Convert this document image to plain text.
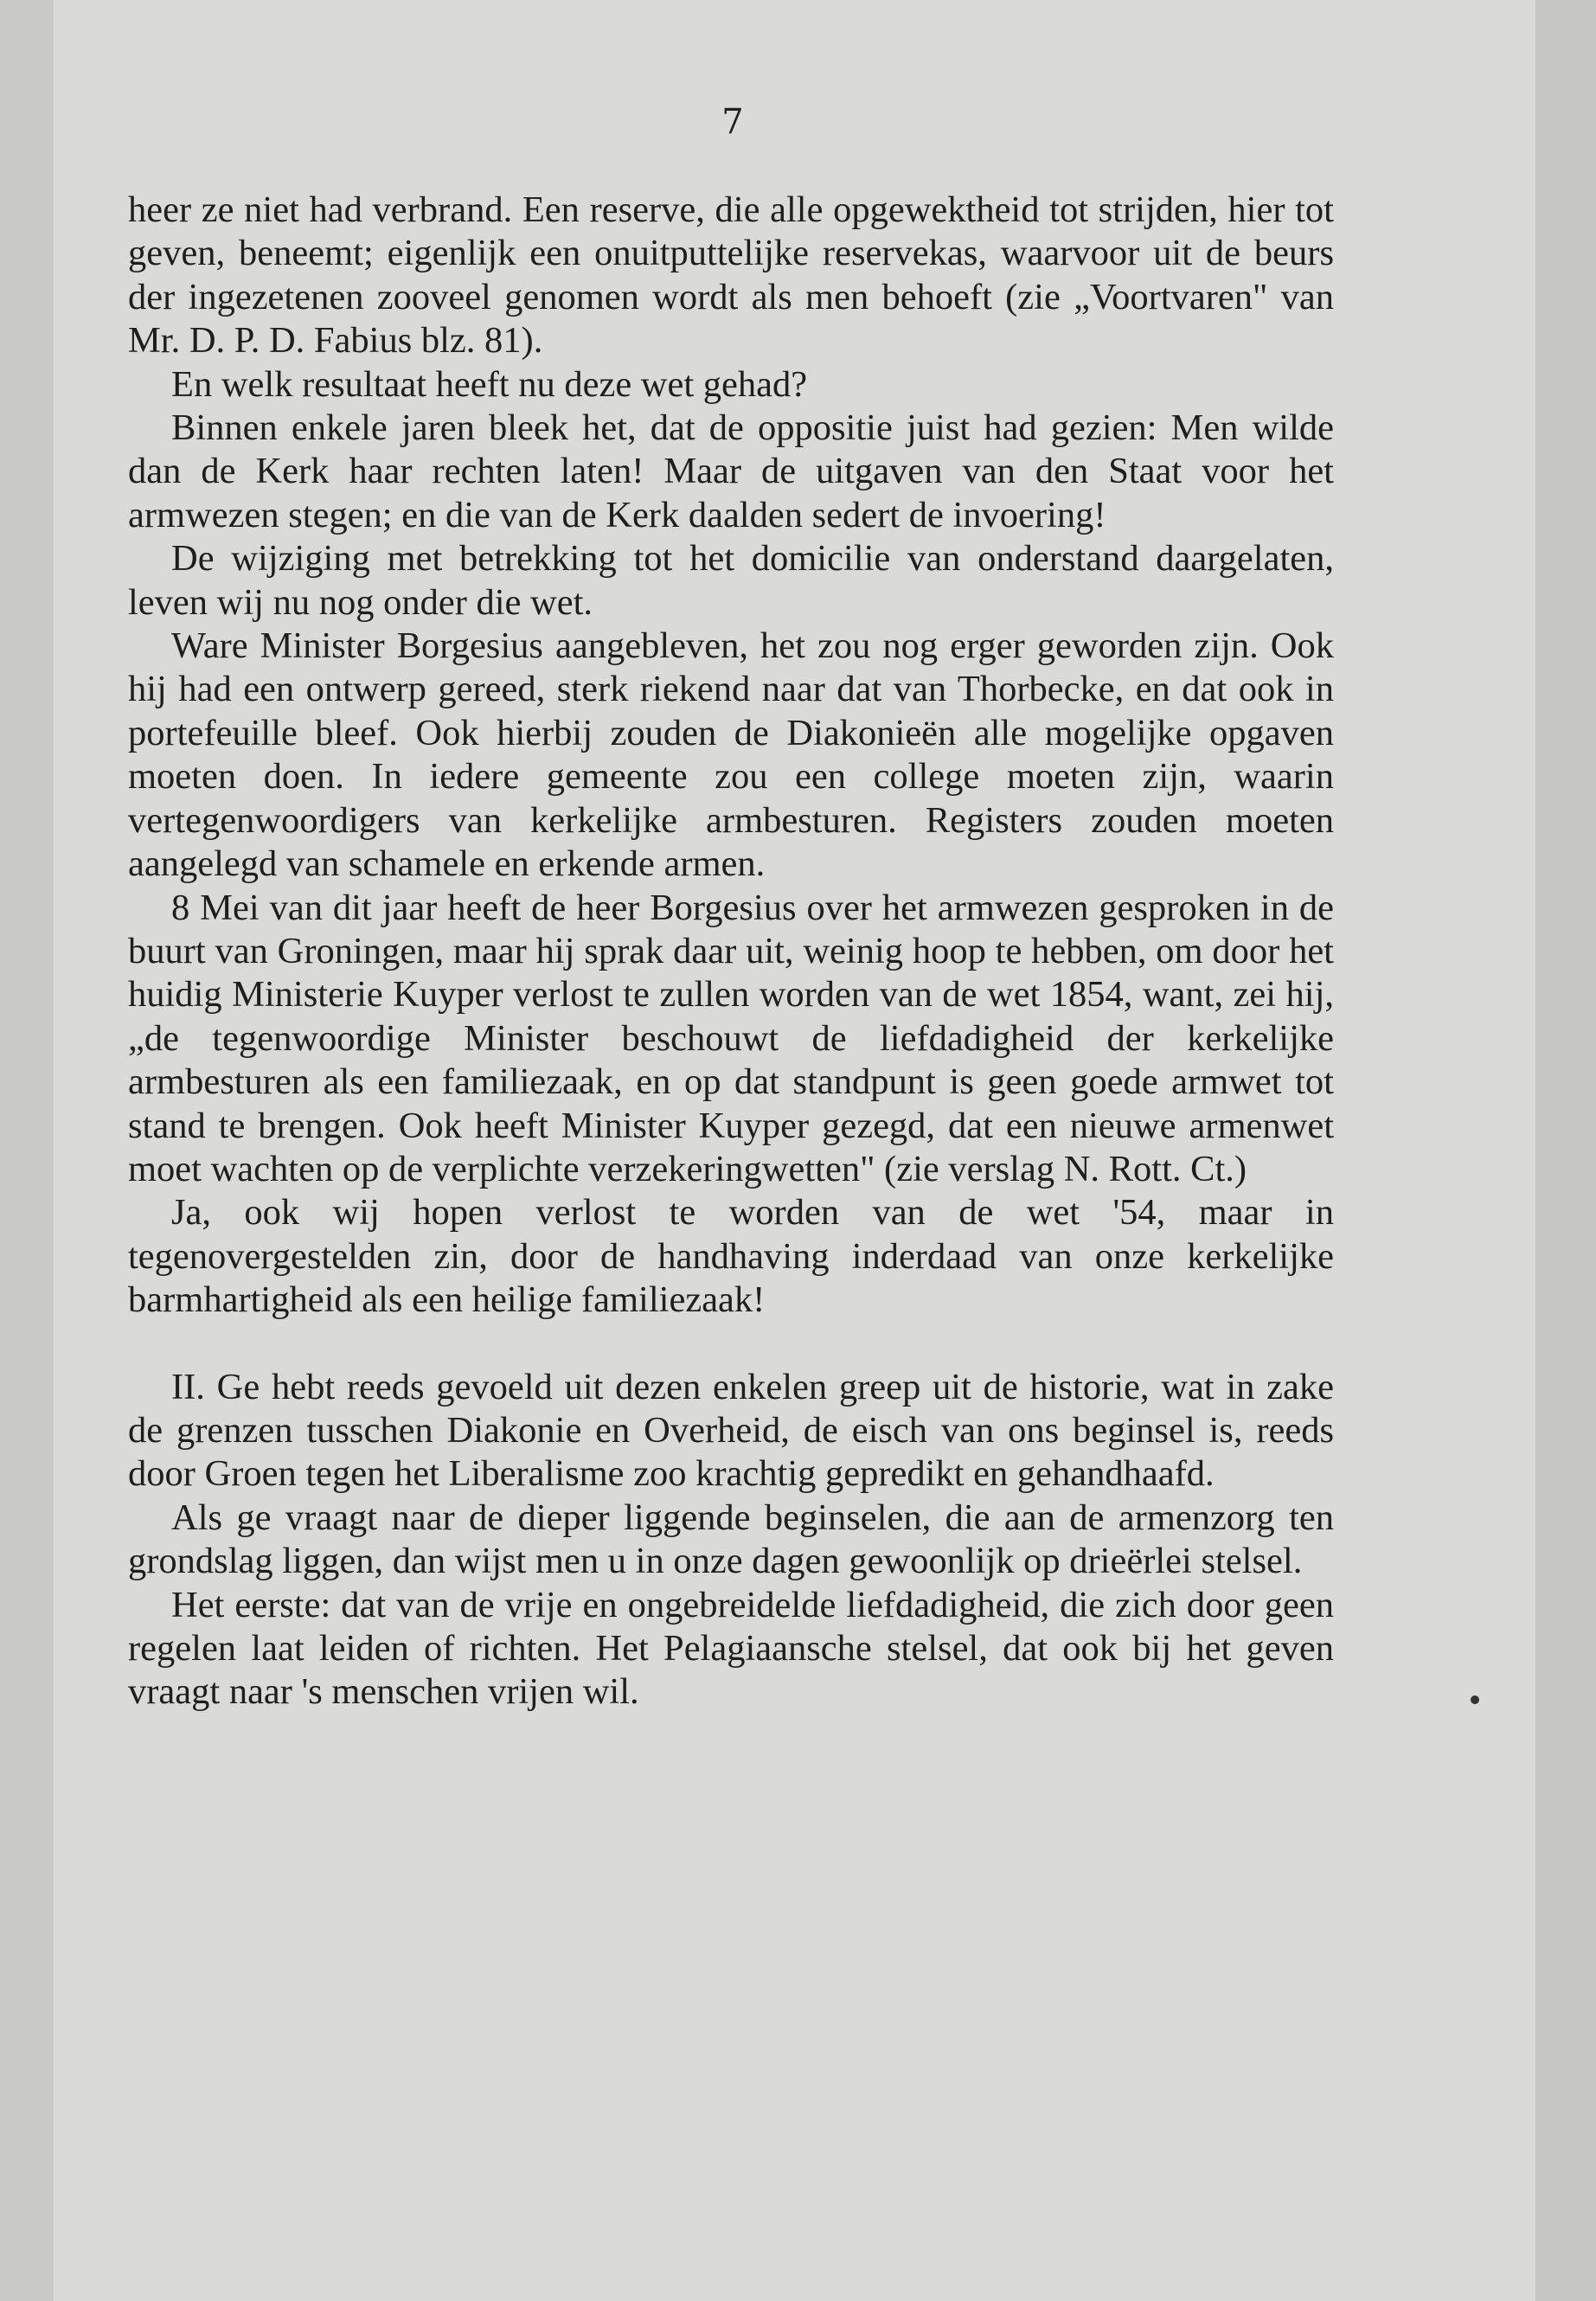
7

heer ze niet had verbrand. Een reserve, die alle opgewektheid tot strijden, hier tot geven, beneemt; eigenlijk een onuitputtelijke reservekas, waarvoor uit de beurs der ingezetenen zooveel genomen wordt als men behoeft (zie „Voortvaren" van Mr. D. P. D. Fabius blz. 81).

En welk resultaat heeft nu deze wet gehad?

Binnen enkele jaren bleek het, dat de oppositie juist had gezien: Men wilde dan de Kerk haar rechten laten! Maar de uitgaven van den Staat voor het armwezen stegen; en die van de Kerk daalden sedert de invoering!

De wijziging met betrekking tot het domicilie van onderstand daargelaten, leven wij nu nog onder die wet.

Ware Minister Borgesius aangebleven, het zou nog erger geworden zijn. Ook hij had een ontwerp gereed, sterk riekend naar dat van Thorbecke, en dat ook in portefeuille bleef. Ook hierbij zouden de Diakonieën alle mogelijke opgaven moeten doen. In iedere gemeente zou een college moeten zijn, waarin vertegenwoordigers van kerkelijke armbesturen. Registers zouden moeten aangelegd van schamele en erkende armen.

8 Mei van dit jaar heeft de heer Borgesius over het armwezen gesproken in de buurt van Groningen, maar hij sprak daar uit, weinig hoop te hebben, om door het huidig Ministerie Kuyper verlost te zullen worden van de wet 1854, want, zei hij, „de tegenwoordige Minister beschouwt de liefdadigheid der kerkelijke armbesturen als een familiezaak, en op dat standpunt is geen goede armwet tot stand te brengen. Ook heeft Minister Kuyper gezegd, dat een nieuwe armenwet moet wachten op de verplichte verzekeringwetten" (zie verslag N. Rott. Ct.)

Ja, ook wij hopen verlost te worden van de wet '54, maar in tegenovergestelden zin, door de handhaving inderdaad van onze kerkelijke barmhartigheid als een heilige familiezaak!

II. Ge hebt reeds gevoeld uit dezen enkelen greep uit de historie, wat in zake de grenzen tusschen Diakonie en Overheid, de eisch van ons beginsel is, reeds door Groen tegen het Liberalisme zoo krachtig gepredikt en gehandhaafd.

Als ge vraagt naar de dieper liggende beginselen, die aan de armenzorg ten grondslag liggen, dan wijst men u in onze dagen gewoonlijk op drieërlei stelsel.

Het eerste: dat van de vrije en ongebreidelde liefdadigheid, die zich door geen regelen laat leiden of richten. Het Pelagiaansche stelsel, dat ook bij het geven vraagt naar 's menschen vrijen wil.
